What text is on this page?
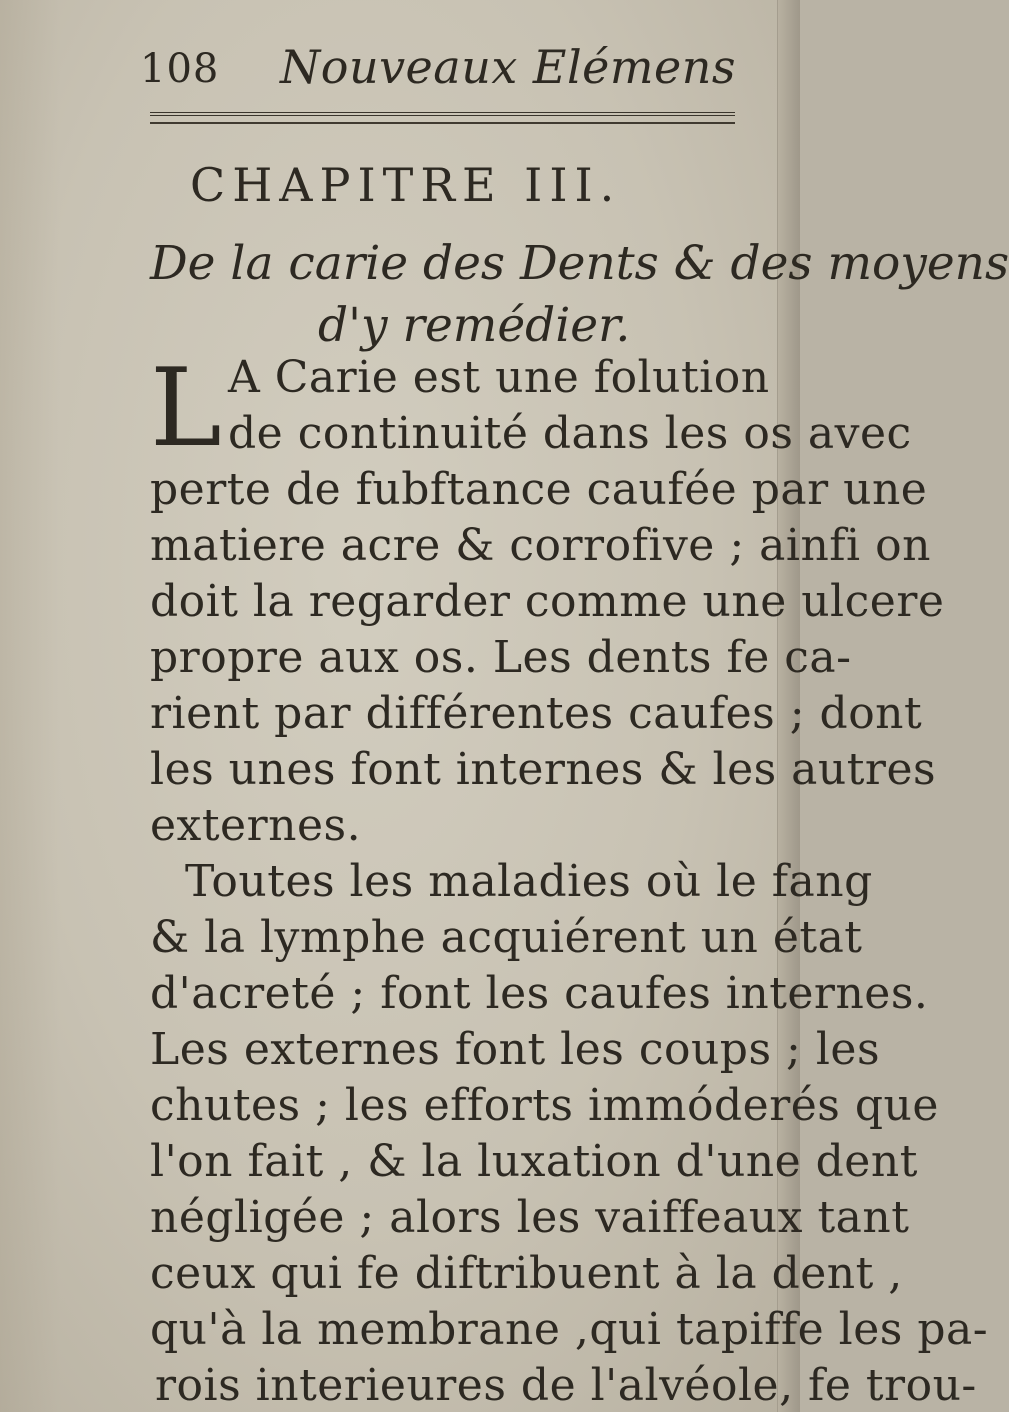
108 Nouveaux Elémens
CHAPITRE III.
De la carie des Dents & des moyens
d'y remédier.
L A Carie est une folution
de continuité dans les os avec
perte de fubftance caufée par une
matiere acre & corrofive ; ainfi on
doit la regarder comme une ulcere
propre aux os. Les dents fe ca-
rient par différentes caufes ; dont
les unes font internes & les autres
externes.
Toutes les maladies où le fang
& la lymphe acquiérent un état
d'acreté ; font les caufes internes.
Les externes font les coups ; les
chutes ; les efforts immóderés que
l'on fait , & la luxation d'une dent
négligée ; alors les vaiffeaux tant
ceux qui fe diftribuent à la dent ,
qu'à la membrane ,qui tapiffe les pa-
rois interieures de l'alvéole, fe trou-
